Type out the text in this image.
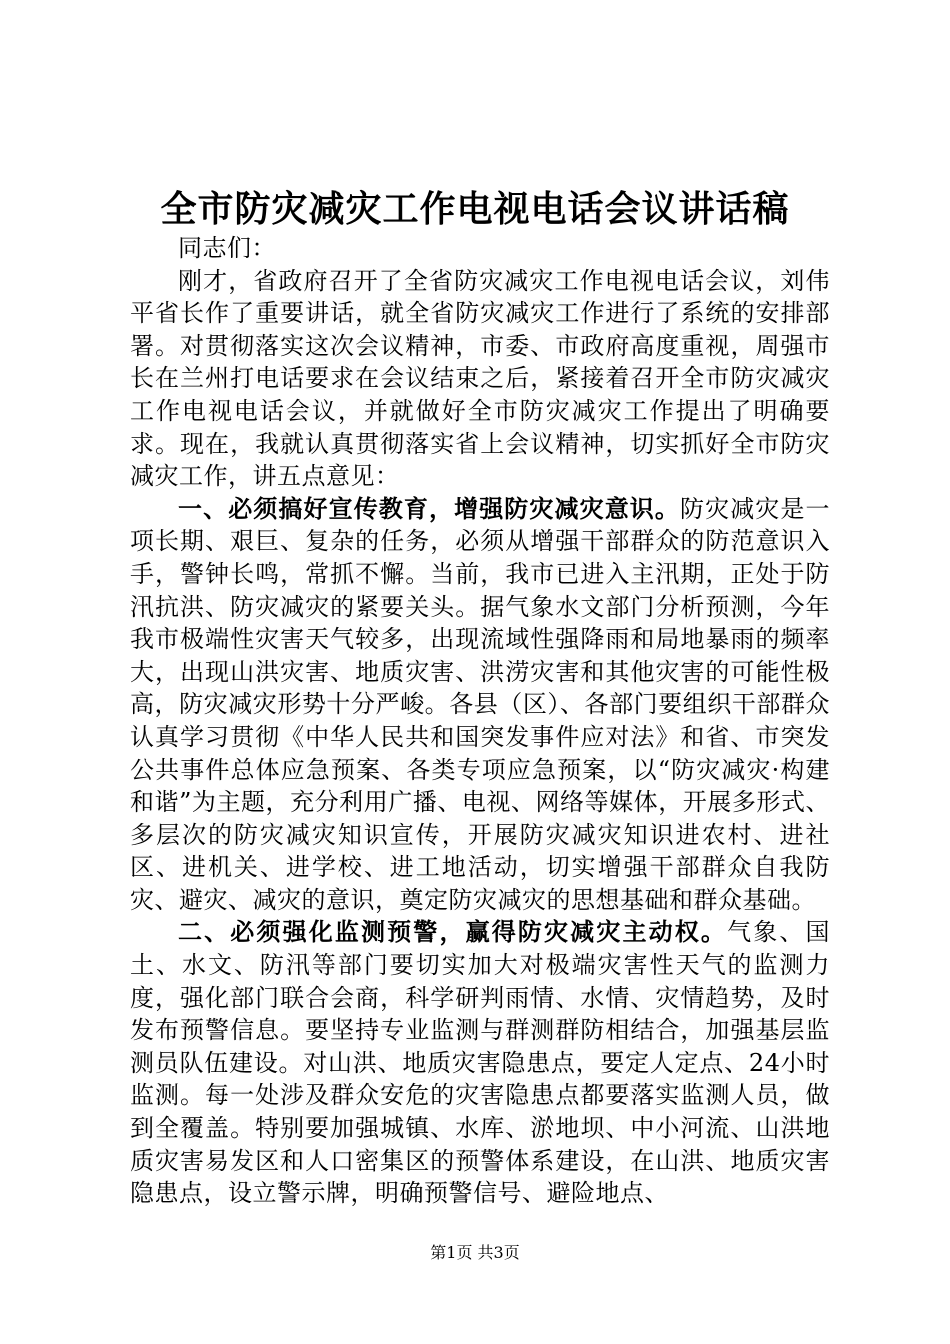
全市防灾减灾工作电视电话会议讲话稿

同志们：

刚才，省政府召开了全省防灾减灾工作电视电话会议，刘伟平省长作了重要讲话，就全省防灾减灾工作进行了系统的安排部署。对贯彻落实这次会议精神，市委、市政府高度重视，周强市长在兰州打电话要求在会议结束之后，紧接着召开全市防灾减灾工作电视电话会议，并就做好全市防灾减灾工作提出了明确要求。现在，我就认真贯彻落实省上会议精神，切实抓好全市防灾减灾工作，讲五点意见：

一、必须搞好宣传教育，增强防灾减灾意识。防灾减灾是一项长期、艰巨、复杂的任务，必须从增强干部群众的防范意识入手，警钟长鸣，常抓不懈。当前，我市已进入主汛期，正处于防汛抗洪、防灾减灾的紧要关头。据气象水文部门分析预测，今年我市极端性灾害天气较多，出现流域性强降雨和局地暴雨的频率大，出现山洪灾害、地质灾害、洪涝灾害和其他灾害的可能性极高，防灾减灾形势十分严峻。各县（区）、各部门要组织干部群众认真学习贯彻《中华人民共和国突发事件应对法》和省、市突发公共事件总体应急预案、各类专项应急预案，以“防灾减灾·构建和谐”为主题，充分利用广播、电视、网络等媒体，开展多形式、多层次的防灾减灾知识宣传，开展防灾减灾知识进农村、进社区、进机关、进学校、进工地活动，切实增强干部群众自我防灾、避灾、减灾的意识，奠定防灾减灾的思想基础和群众基础。

二、必须强化监测预警，赢得防灾减灾主动权。气象、国土、水文、防汛等部门要切实加大对极端灾害性天气的监测力度，强化部门联合会商，科学研判雨情、水情、灾情趋势，及时发布预警信息。要坚持专业监测与群测群防相结合，加强基层监测员队伍建设。对山洪、地质灾害隐患点，要定人定点、24小时监测。每一处涉及群众安危的灾害隐患点都要落实监测人员，做到全覆盖。特别要加强城镇、水库、淤地坝、中小河流、山洪地质灾害易发区和人口密集区的预警体系建设，在山洪、地质灾害隐患点，设立警示牌，明确预警信号、避险地点、

第1页 共3页
